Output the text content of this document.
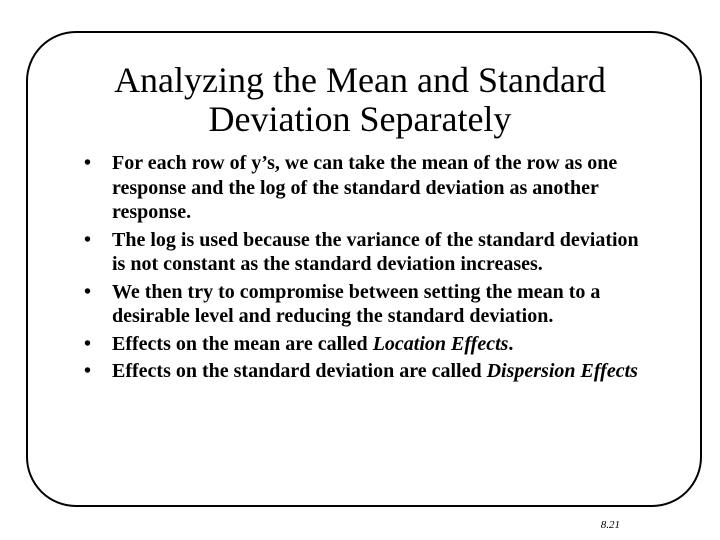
Analyzing the Mean and Standard
Deviation Separately
•	For each row of y’s, we can take the mean of the row as one response and the log of the standard deviation as another response.
•	The log is used because the variance of the standard deviation is not constant as the standard deviation increases.
•	We then try to compromise between setting the mean to a desirable level and reducing the standard deviation.
•	Effects on the mean are called Location Effects.
•	Effects on the standard deviation are called Dispersion Effects
8.21
